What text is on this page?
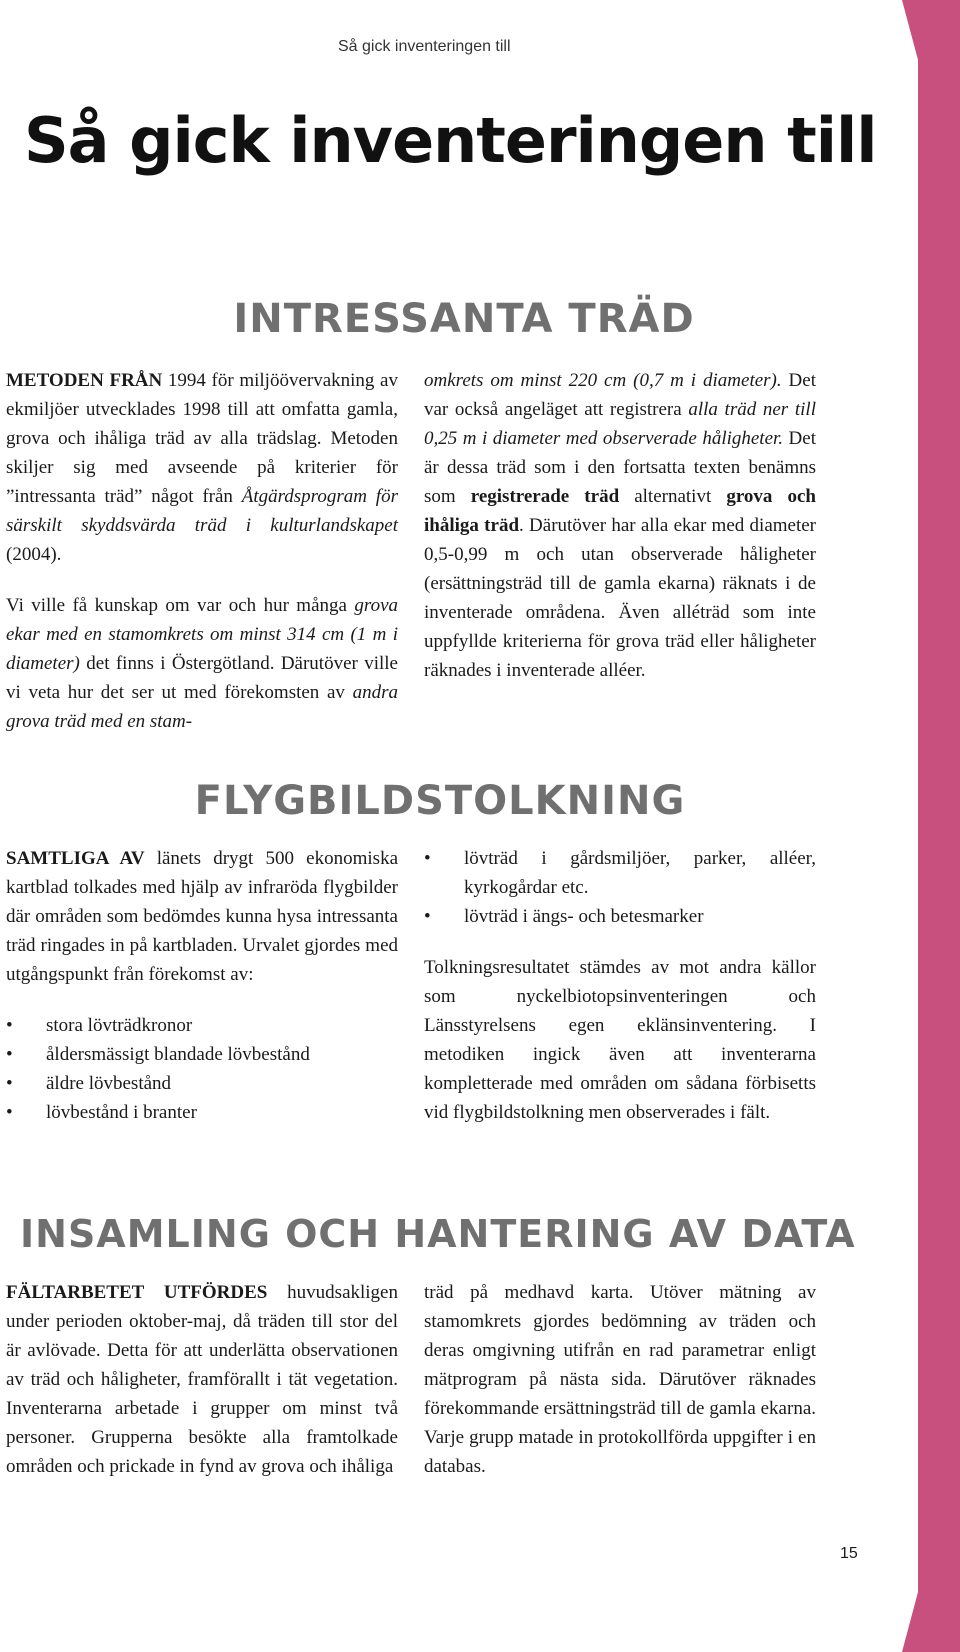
Så gick inventeringen till
Så gick inventeringen till
INTRESSANTA TRÄD

METODEN FRÅN 1994 för miljöövervakning av ekmiljöer utvecklades 1998 till att omfatta gamla, grova och ihåliga träd av alla trädslag. Metoden skiljer sig med avseende på kriterier för ”intressanta träd” något från Åtgärdsprogram för särskilt skyddsvärda träd i kulturlandskapet (2004).

Vi ville få kunskap om var och hur många grova ekar med en stamomkrets om minst 314 cm (1 m i diameter) det finns i Östergötland. Därutöver ville vi veta hur det ser ut med förekomsten av andra grova träd med en stam-

omkrets om minst 220 cm (0,7 m i diameter). Det var också angeläget att registrera alla träd ner till 0,25 m i diameter med observerade håligheter. Det är dessa träd som i den fortsatta texten benämns som registrerade träd alternativt grova och ihåliga träd. Därutöver har alla ekar med diameter 0,5-0,99 m och utan observerade håligheter (ersättningsträd till de gamla ekarna) räknats i de inventerade områdena. Även alléträd som inte uppfyllde kriterierna för grova träd eller håligheter räknades i inventerade alléer.

FLYGBILDSTOLKNING

SAMTLIGA AV länets drygt 500 ekonomiska kartblad tolkades med hjälp av infraröda flygbilder där områden som bedömdes kunna hysa intressanta träd ringades in på kartbladen. Urvalet gjordes med utgångspunkt från förekomst av:

• stora lövträdkronor
• åldersmässigt blandade lövbestånd
• äldre lövbestånd
• lövbestånd i branter
• lövträd i gårdsmiljöer, parker, alléer, kyrkogårdar etc.
• lövträd i ängs- och betesmarker

Tolkningsresultatet stämdes av mot andra källor som nyckelbiotopsinventeringen och Länsstyrelsens egen eklänsinventering. I metodiken ingick även att inventerarna kompletterade med områden om sådana förbisetts vid flygbildstolkning men observerades i fält.

INSAMLING OCH HANTERING AV DATA

FÄLTARBETET UTFÖRDES huvudsakligen under perioden oktober-maj, då träden till stor del är avlövade. Detta för att underlätta observationen av träd och håligheter, framförallt i tät vegetation. Inventerarna arbetade i grupper om minst två personer. Grupperna besökte alla framtolkade områden och prickade in fynd av grova och ihåliga

träd på medhavd karta. Utöver mätning av stamomkrets gjordes bedömning av träden och deras omgivning utifrån en rad parametrar enligt mätprogram på nästa sida. Därutöver räknades förekommande ersättningsträd till de gamla ekarna. Varje grupp matade in protokollförda uppgifter i en databas.

15
